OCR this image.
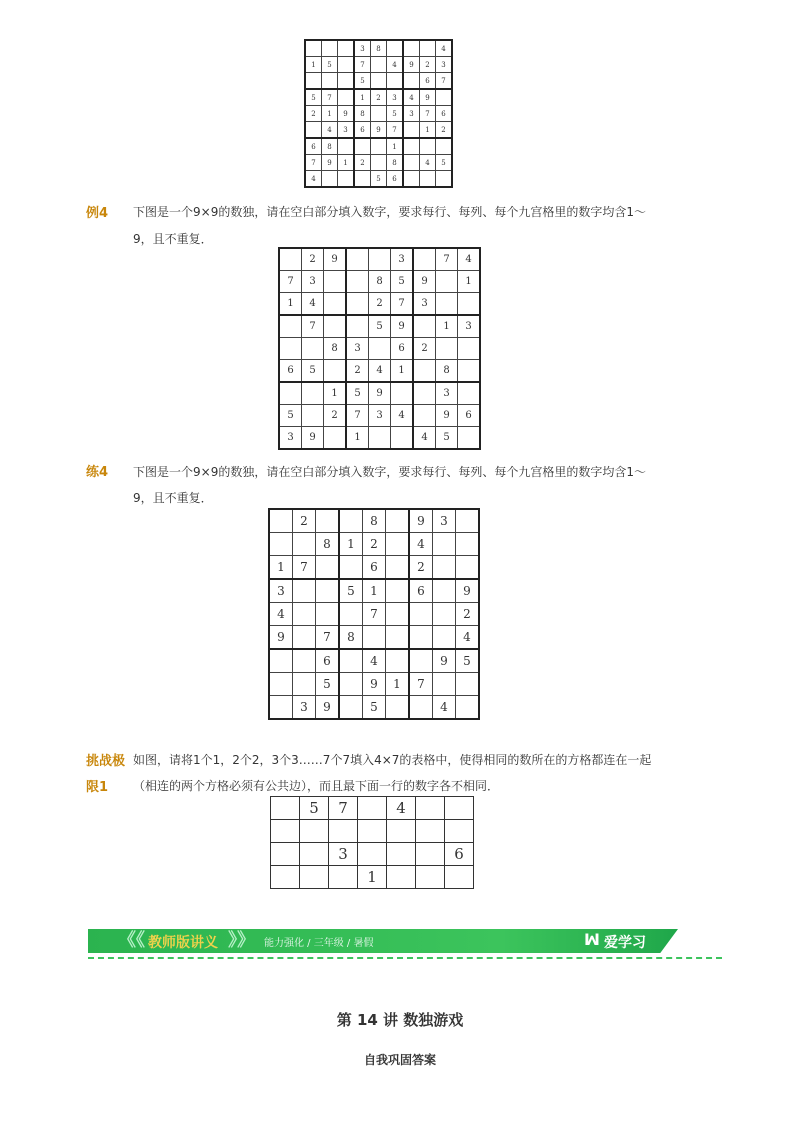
			3	8				4
1	5		7		4	9	2	3
			5				6	7
5	7		1	2	3	4	9	
2	1	9	8		5	3	7	6
	4	3	6	9	7		1	2
6	8				1			
7	9	1	2		8		4	5
4				5	6			
例4 下图是一个9×9的数独，请在空白部分填入数字，要求每行、每列、每个九宫格里的数字均含1～
9，且不重复．
	2	9			3		7	4
7	3			8	5	9		1
1	4			2	7	3		
	7			5	9		1	3
		8	3		6	2		
6	5		2	4	1		8	
		1	5	9			3	
5		2	7	3	4		9	6
3	9		1			4	5	
练4 下图是一个9×9的数独，请在空白部分填入数字，要求每行、每列、每个九宫格里的数字均含1～
9，且不重复．
	2			8		9	3	
		8	1	2		4		
1	7			6		2		
3			5	1		6		9
4				7				2
9		7	8					4
		6		4			9	5
		5		9	1	7		
	3	9		5			4	
挑战极
限1
如图，请将1个1，2个2，3个3……7个7填入4×7的表格中，使得相同的数所在的方格都连在一起
（相连的两个方格必须有公共边），而且最下面一行的数字各不相同．
	5	7		4		

		3				6
			1			
《《 教师版讲义 》》 能力强化 / 三年级 / 暑假	ꟽ 爱学习
第 14 讲 数独游戏
自我巩固答案
